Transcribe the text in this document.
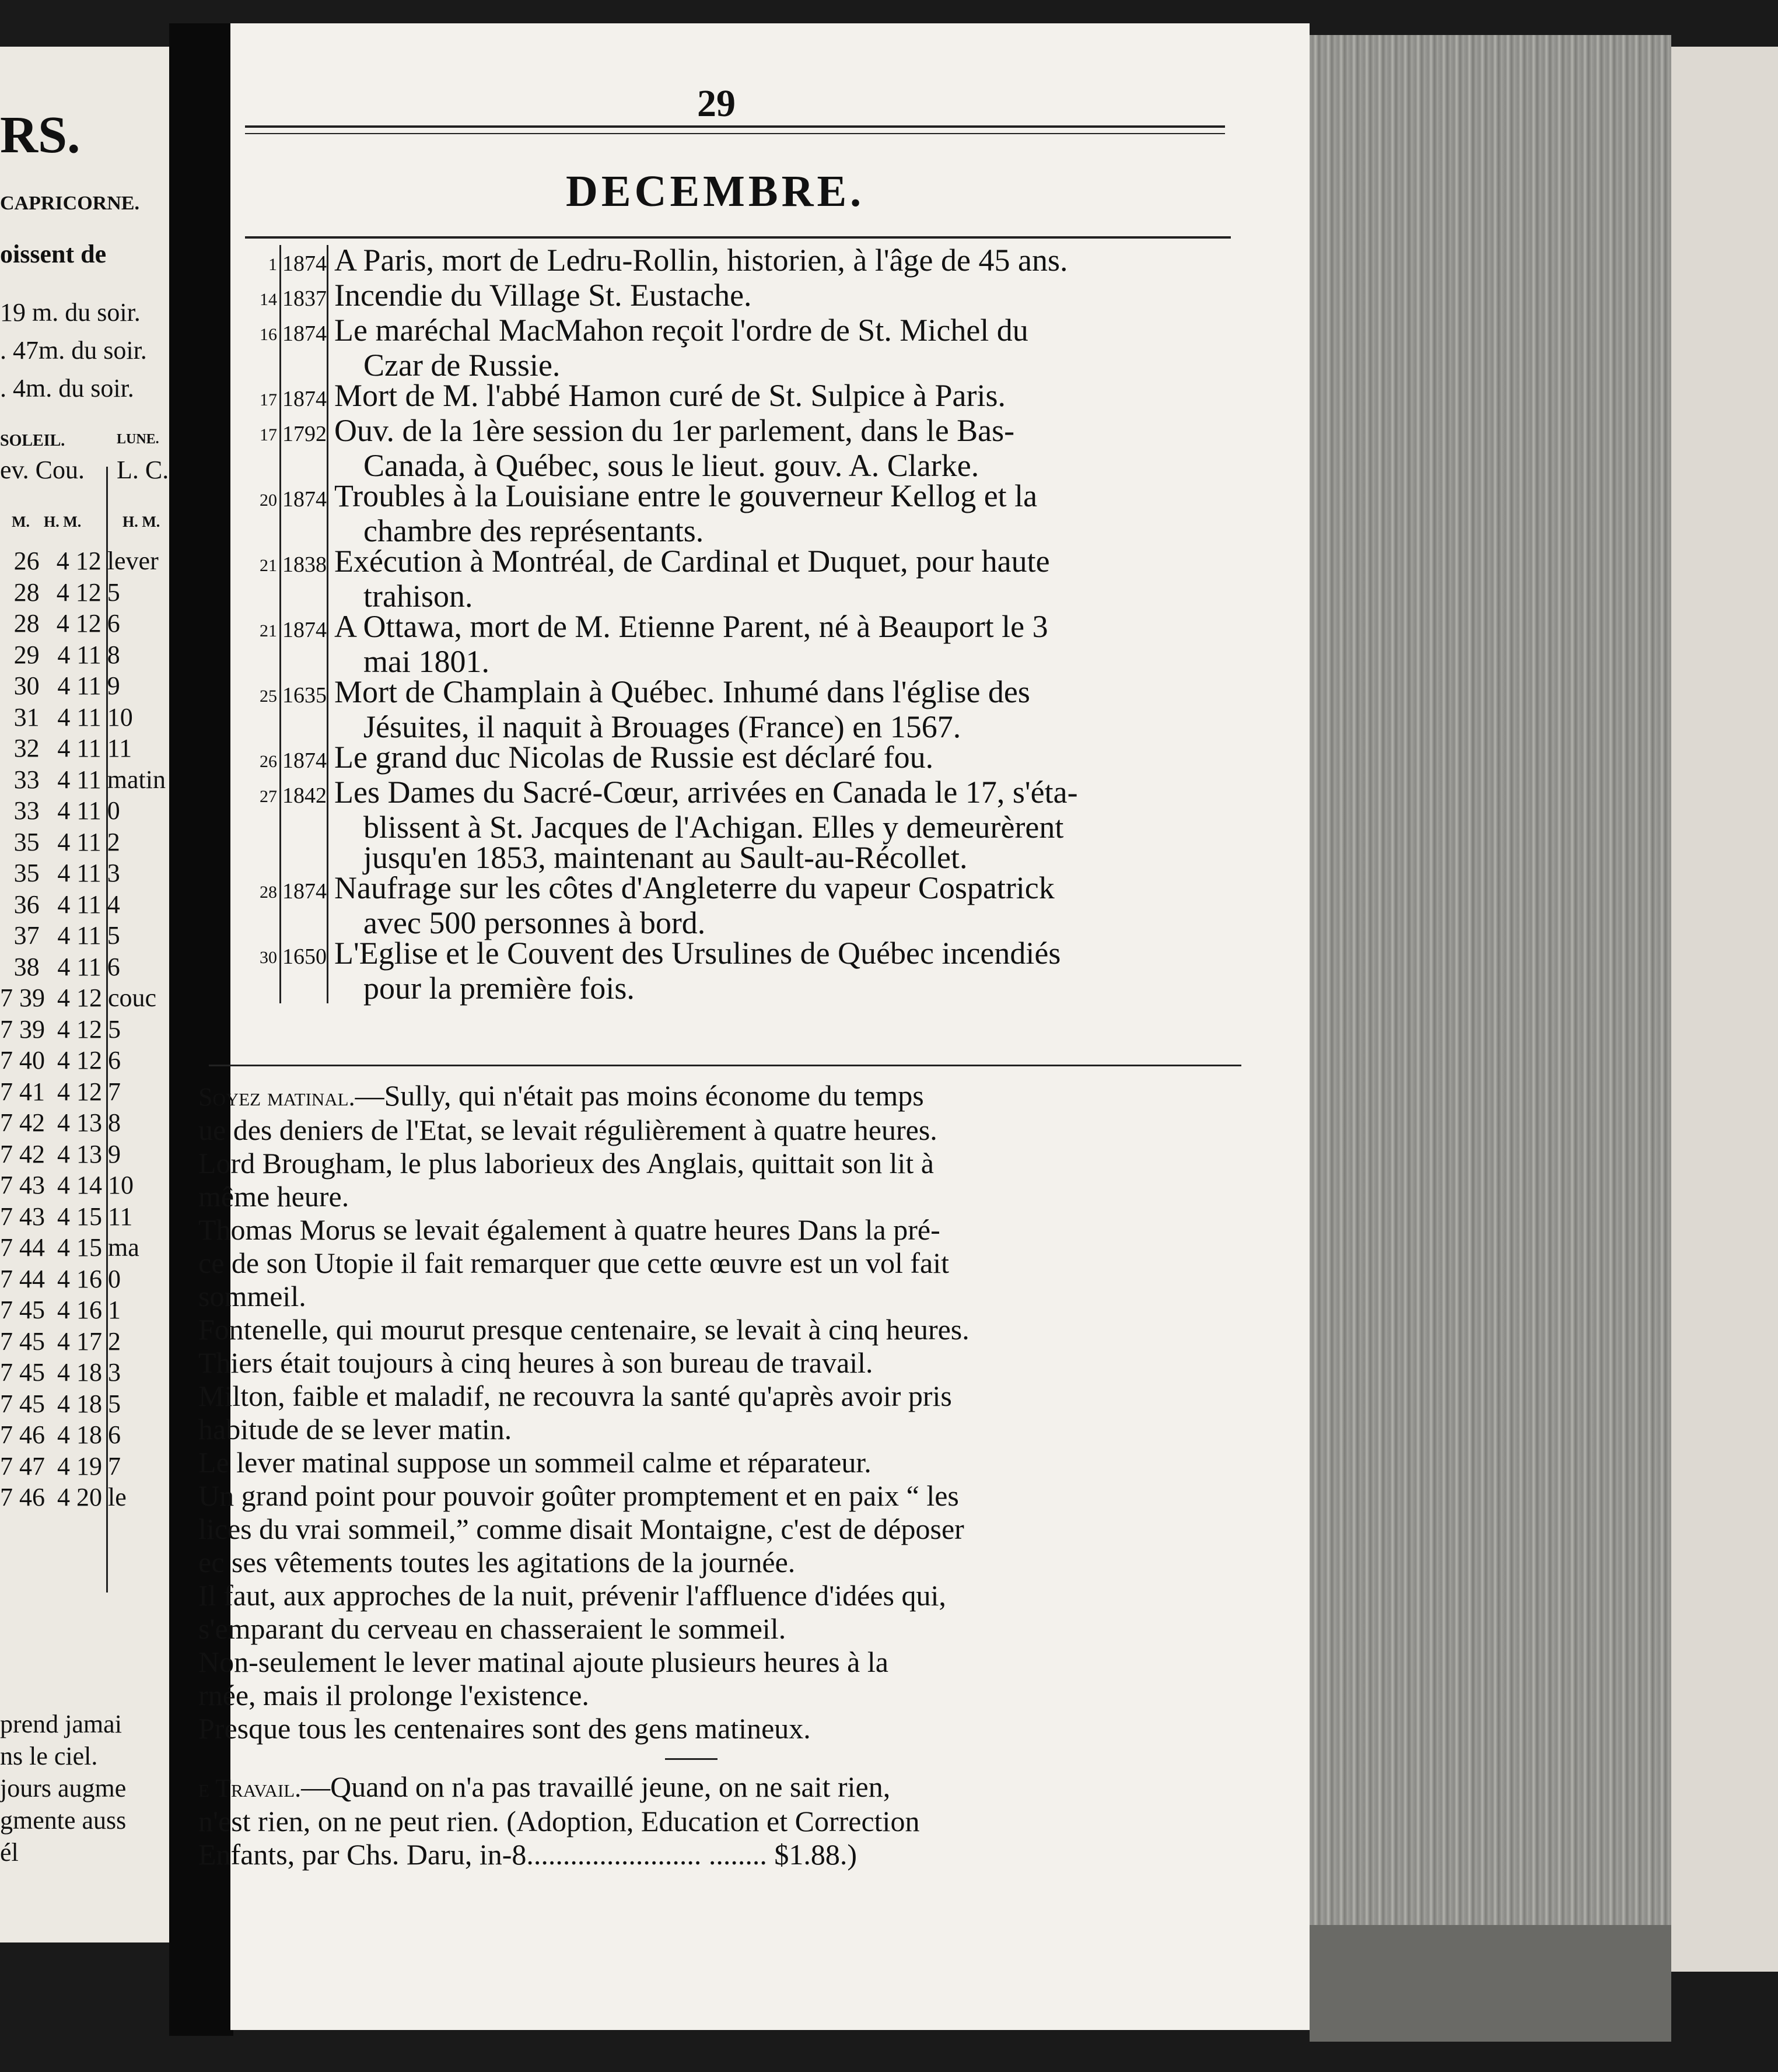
RS.
CAPRICORNE.
oissent de
19 m. du soir.
. 47m. du soir.
. 4m. du soir.
SOLEIL.	LUNE.
ev. Cou. L. C.
M. H. M.	H. M.
26 4 12 lever
28 4 12 5
28 4 12 6
29 4 11 8
30 4 11 9
31 4 11 10
32 4 11 11
33 4 11 matin
33 4 11 0
35 4 11 2
35 4 11 3
36 4 11 4
37 4 11 5
38 4 11 6
7 39 4 12 couc
7 39 4 12 5
7 40 4 12 6
7 41 4 12 7
7 42 4 13 8
7 42 4 13 9
7 43 4 14 10
7 43 4 15 11
7 44 4 15 ma
7 44 4 16 0
7 45 4 16 1
7 45 4 17 2
7 45 4 18 3
7 45 4 18 5
7 46 4 18 6
7 47 4 19 7
7 46 4 20 le
prend jamai
ns le ciel.
jours augme
gmente auss
él
29
DECEMBRE.
1 1874 A Paris, mort de Ledru-Rollin, historien, à l'âge de 45 ans.
14 1837 Incendie du Village St. Eustache.
16 1874 Le maréchal MacMahon reçoit l'ordre de St. Michel du
Czar de Russie.
17 1874 Mort de M. l'abbé Hamon curé de St. Sulpice à Paris.
17 1792 Ouv. de la 1ère session du 1er parlement, dans le Bas-
Canada, à Québec, sous le lieut. gouv. A. Clarke.
20 1874 Troubles à la Louisiane entre le gouverneur Kellog et la
chambre des représentants.
21 1838 Exécution à Montréal, de Cardinal et Duquet, pour haute
trahison.
21 1874 A Ottawa, mort de M. Etienne Parent, né à Beauport le 3
mai 1801.
25 1635 Mort de Champlain à Québec. Inhumé dans l'église des
Jésuites, il naquit à Brouages (France) en 1567.
26 1874 Le grand duc Nicolas de Russie est déclaré fou.
27 1842 Les Dames du Sacré-Cœur, arrivées en Canada le 17, s'éta-
blissent à St. Jacques de l'Achigan. Elles y demeurèrent
jusqu'en 1853, maintenant au Sault-au-Récollet.
28 1874 Naufrage sur les côtes d'Angleterre du vapeur Cospatrick
avec 500 personnes à bord.
30 1650 L'Eglise et le Couvent des Ursulines de Québec incendiés
pour la première fois.

Soyez matinal.—Sully, qui n'était pas moins économe du temps

ue des deniers de l'Etat, se levait régulièrement à quatre heures.

Lord Brougham, le plus laborieux des Anglais, quittait son lit à

même heure.

Thomas Morus se levait également à quatre heures Dans la pré-

ce de son Utopie il fait remarquer que cette œuvre est un vol fait

sommeil.

Fontenelle, qui mourut presque centenaire, se levait à cinq heures.

Thiers était toujours à cinq heures à son bureau de travail.

Milton, faible et maladif, ne recouvra la santé qu'après avoir pris

habitude de se lever matin.

Le lever matinal suppose un sommeil calme et réparateur.

Un grand point pour pouvoir goûter promptement et en paix “ les

lices du vrai sommeil,” comme disait Montaigne, c'est de déposer

ec ses vêtements toutes les agitations de la journée.

Il faut, aux approches de la nuit, prévenir l'affluence d'idées qui,

s'emparant du cerveau en chasseraient le sommeil.

Non-seulement le lever matinal ajoute plusieurs heures à la

rnée, mais il prolonge l'existence.

Presque tous les centenaires sont des gens matineux.

e Travail.—Quand on n'a pas travaillé jeune, on ne sait rien,

n'est rien, on ne peut rien. (Adoption, Education et Correction

Enfants, par Chs. Daru, in-8........................ ........ $1.88.)
